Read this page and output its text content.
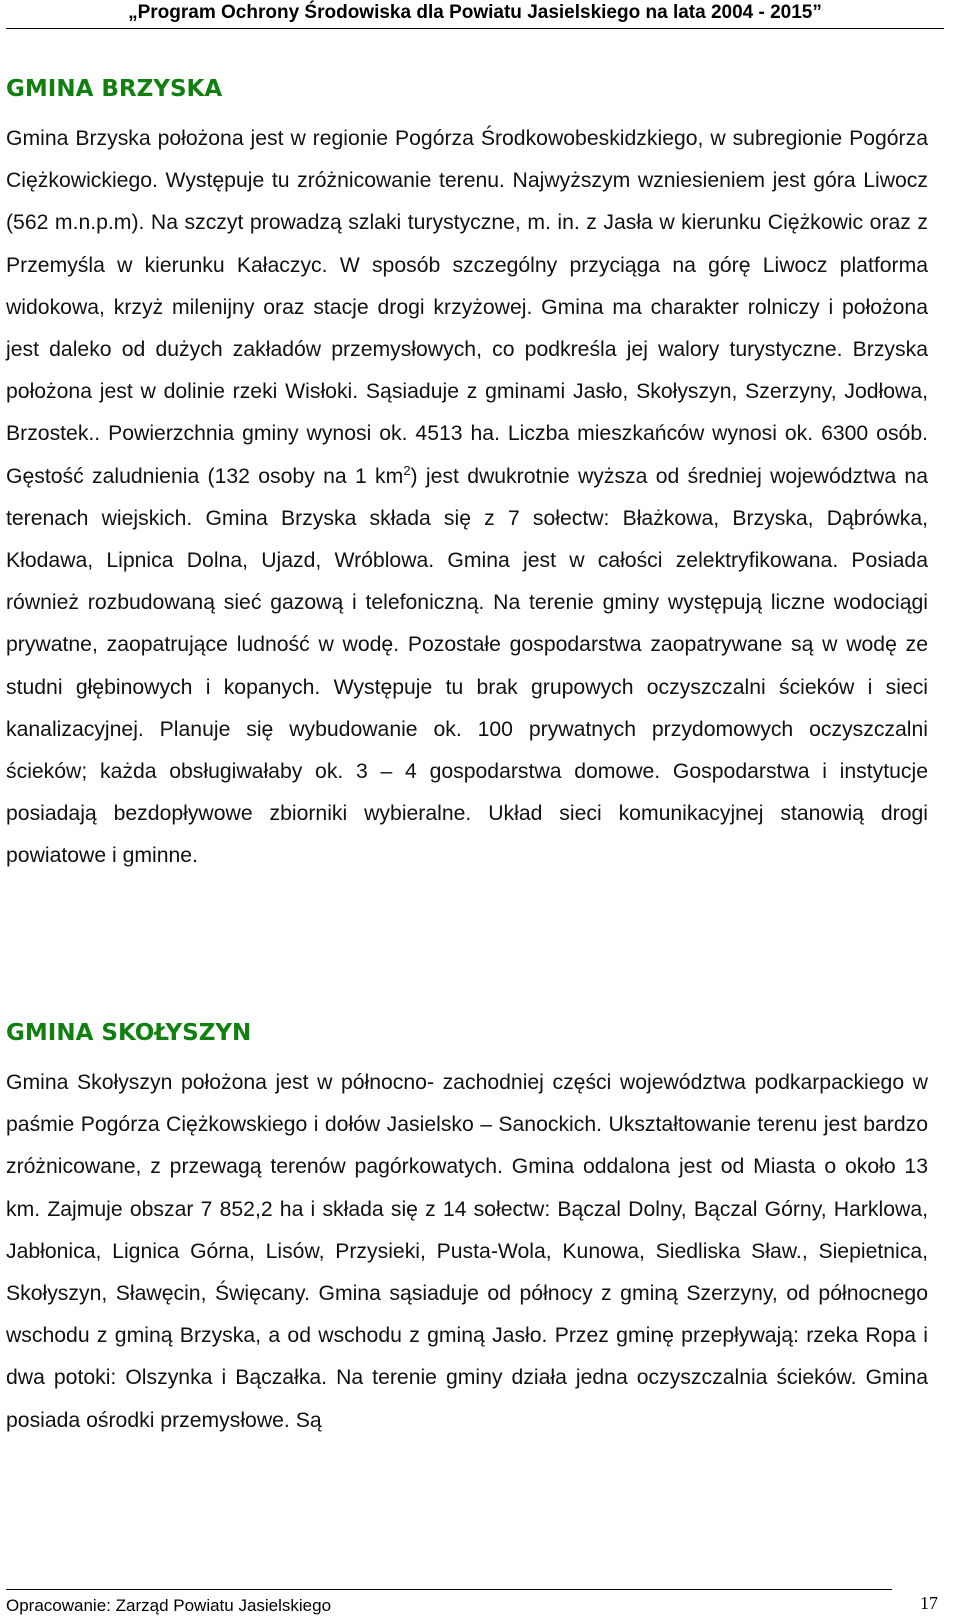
„Program Ochrony Środowiska dla Powiatu Jasielskiego na lata 2004 - 2015”
GMINA BRZYSKA

Gmina Brzyska położona jest w regionie Pogórza Środkowobeskidzkiego, w subregionie Pogórza Ciężkowickiego. Występuje tu zróżnicowanie terenu. Najwyższym wzniesieniem jest góra Liwocz (562 m.n.p.m). Na szczyt prowadzą szlaki turystyczne, m. in. z Jasła w kierunku Ciężkowic oraz z Przemyśla w kierunku Kałaczyc. W sposób szczególny przyciąga na górę Liwocz platforma widokowa, krzyż milenijny oraz stacje drogi krzyżowej. Gmina ma charakter rolniczy i położona jest daleko od dużych zakładów przemysłowych, co podkreśla jej walory turystyczne. Brzyska położona jest w dolinie rzeki Wisłoki. Sąsiaduje z gminami Jasło, Skołyszyn, Szerzyny, Jodłowa, Brzostek.. Powierzchnia gminy wynosi ok. 4513 ha. Liczba mieszkańców wynosi ok. 6300 osób. Gęstość zaludnienia (132 osoby na 1 $km^2$) jest dwukrotnie wyższa od średniej województwa na terenach wiejskich. Gmina Brzyska składa się z 7 sołectw: Błażkowa, Brzyska, Dąbrówka, Kłodawa, Lipnica Dolna, Ujazd, Wróblowa. Gmina jest w całości zelektryfikowana. Posiada również rozbudowaną sieć gazową i telefoniczną. Na terenie gminy występują liczne wodociągi prywatne, zaopatrujące ludność w wodę. Pozostałe gospodarstwa zaopatrywane są w wodę ze studni głębinowych i kopanych. Występuje tu brak grupowych oczyszczalni ścieków i sieci kanalizacyjnej. Planuje się wybudowanie ok. 100 prywatnych przydomowych oczyszczalni ścieków; każda obsługiwałaby ok. 3 – 4 gospodarstwa domowe. Gospodarstwa i instytucje posiadają bezdopływowe zbiorniki wybieralne. Układ sieci komunikacyjnej stanowią drogi powiatowe i gminne.

GMINA SKOŁYSZYN

Gmina Skołyszyn położona jest w północno- zachodniej części województwa podkarpackiego w paśmie Pogórza Ciężkowskiego i dołów Jasielsko – Sanockich. Ukształtowanie terenu jest bardzo zróżnicowane, z przewagą terenów pagórkowatych. Gmina oddalona jest od Miasta o około 13 km. Zajmuje obszar 7 852,2 ha i składa się z 14 sołectw: Bączal Dolny, Bączal Górny, Harklowa, Jabłonica, Lignica Górna, Lisów, Przysieki, Pusta-Wola, Kunowa, Siedliska Sław., Siepietnica, Skołyszyn, Sławęcin, Święcany. Gmina sąsiaduje od północy z gminą Szerzyny, od północnego wschodu z gminą Brzyska, a od wschodu z gminą Jasło. Przez gminę przepływają: rzeka Ropa i dwa potoki: Olszynka i Bączałka. Na terenie gminy działa jedna oczyszczalnia ścieków. Gmina posiada ośrodki przemysłowe. Są

Opracowanie: Zarząd Powiatu Jasielskiego	17
